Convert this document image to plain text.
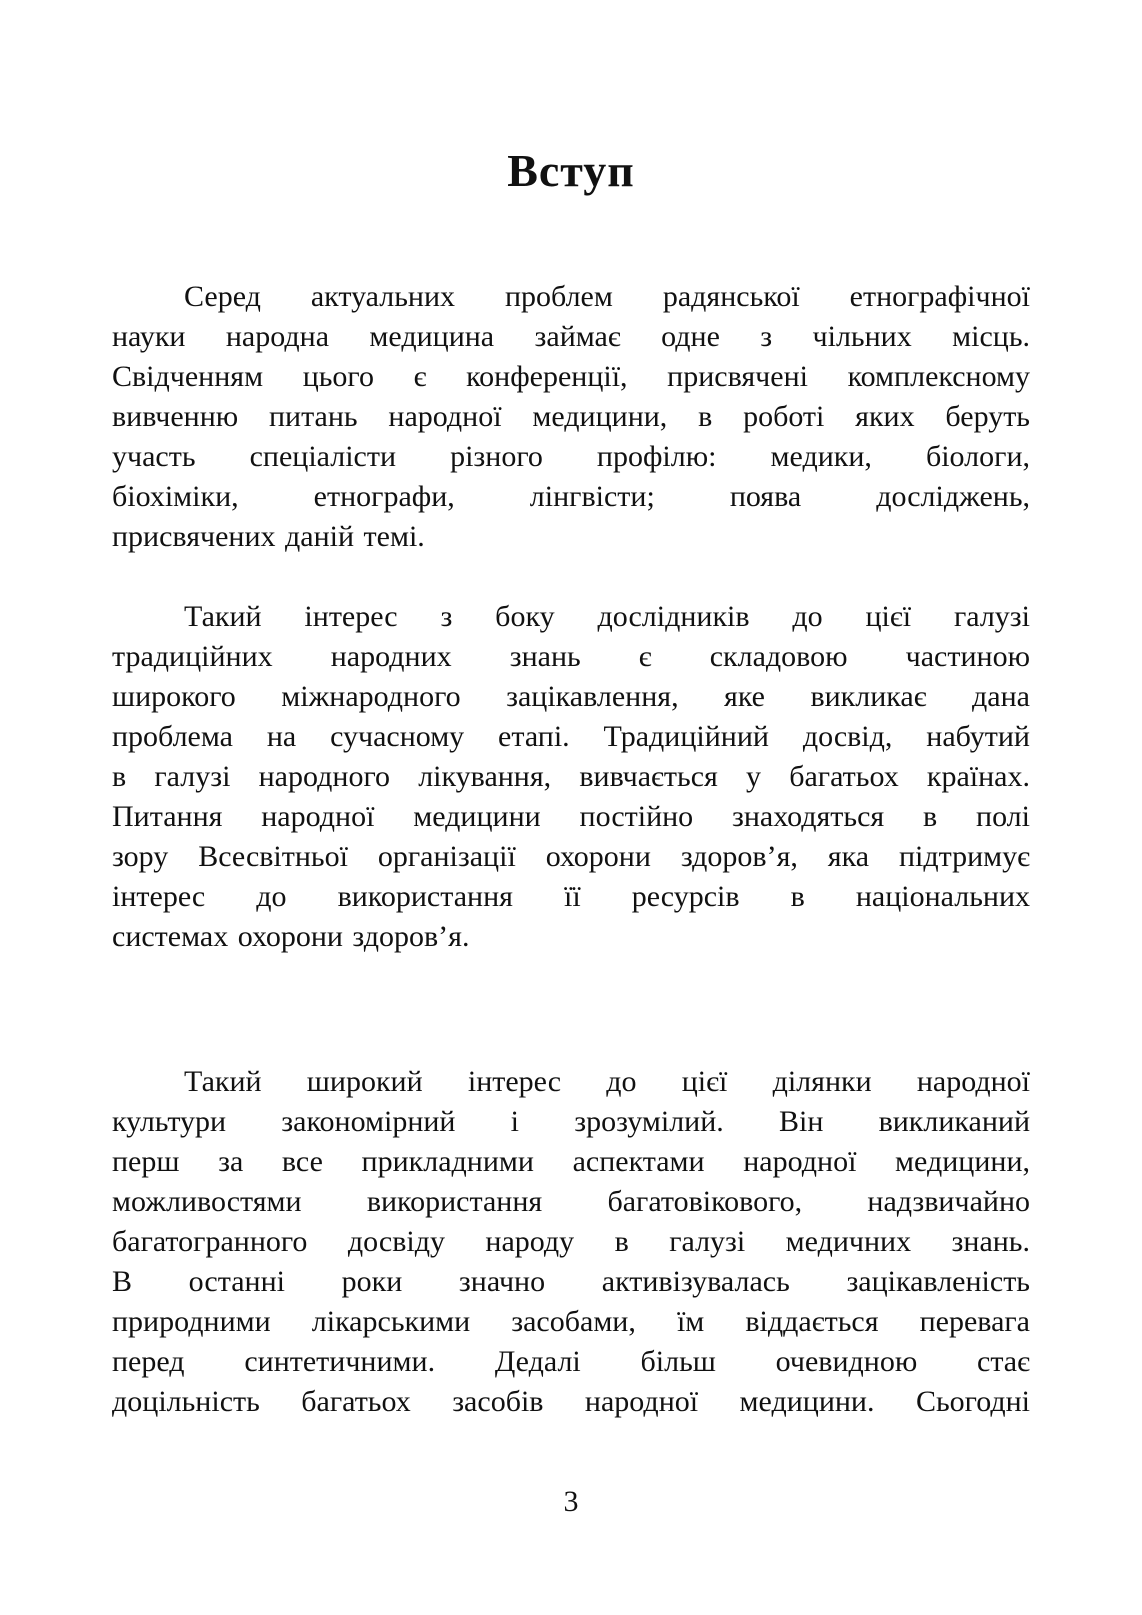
Вступ
Серед актуальних проблем радянської етнографічної
науки народна медицина займає одне з чільних місць.
Свідченням цього є конференції, присвячені комплексному
вивченню питань народної медицини, в роботі яких беруть
участь спеціалісти різного профілю: медики, біологи,
біохіміки, етнографи, лінгвісти; поява досліджень,
присвячених даній темі.
Такий інтерес з боку дослідників до цієї галузі
традиційних народних знань є складовою частиною
широкого міжнародного зацікавлення, яке викликає дана
проблема на сучасному етапі. Традиційний досвід, набутий
в галузі народного лікування, вивчається у багатьох країнах.
Питання народної медицини постійно знаходяться в полі
зору Всесвітньої організації охорони здоров’я, яка підтримує
інтерес до використання її ресурсів в національних
системах охорони здоров’я.
Такий широкий інтерес до цієї ділянки народної
культури закономірний і зрозумілий. Він викликаний
перш за все прикладними аспектами народної медицини,
можливостями використання багатовікового, надзвичайно
багатогранного досвіду народу в галузі медичних знань.
В останні роки значно активізувалась зацікавленість
природними лікарськими засобами, їм віддається перевага
перед синтетичними. Дедалі більш очевидною стає
доцільність багатьох засобів народної медицини. Сьогодні
3
